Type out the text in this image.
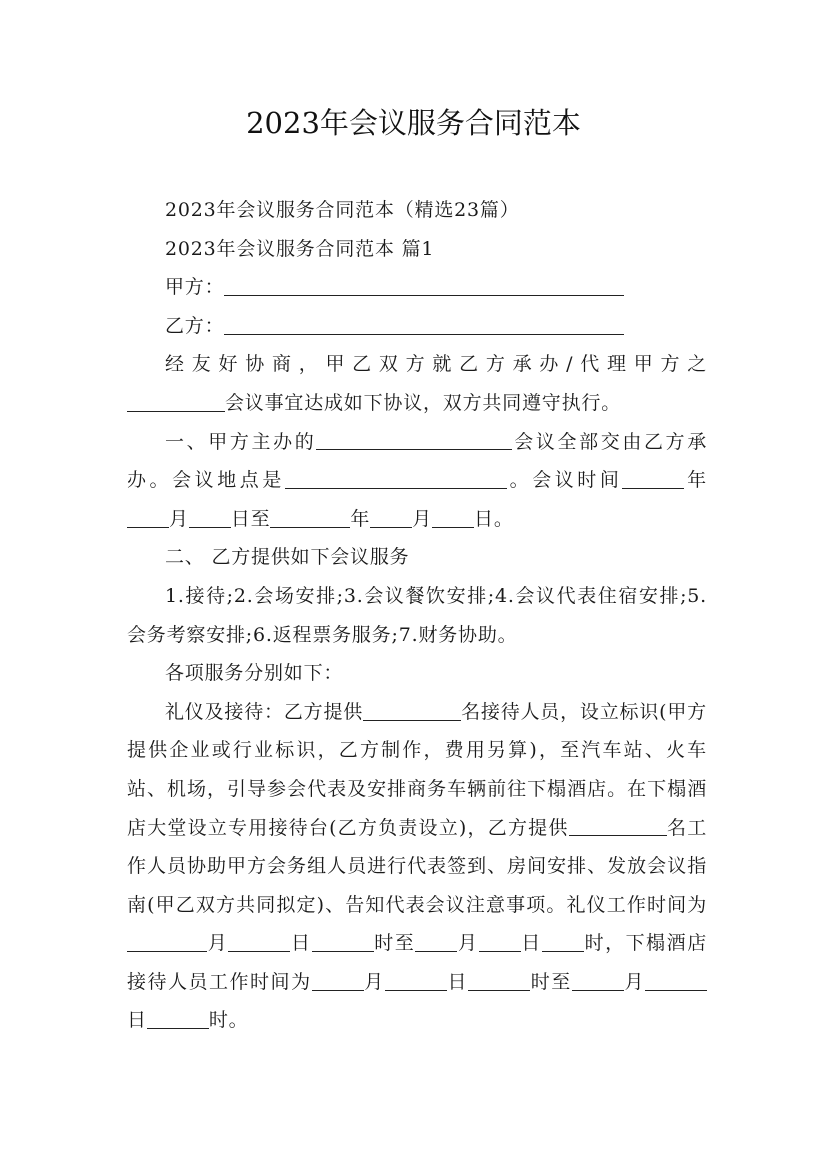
2023年会议服务合同范本

2023年会议服务合同范本（精选23篇）

2023年会议服务合同范本 篇1

甲方：

乙方：

经友好协商，甲乙双方就乙方承办/代理甲方之

会议事宜达成如下协议，双方共同遵守执行。

一、甲方主办的	会议全部交由乙方承办。会议地点是	。会议时间	年月 日至	年 月 日。

二、 乙方提供如下会议服务

1.接待;2.会场安排;3.会议餐饮安排;4.会议代表住宿安排;5.会务考察安排;6.返程票务服务;7.财务协助。

各项服务分别如下：

礼仪及接待：乙方提供	名接待人员，设立标识(甲方提供企业或行业标识，乙方制作，费用另算)，至汽车站、火车站、机场，引导参会代表及安排商务车辆前往下榻酒店。在下榻酒店大堂设立专用接待台(乙方负责设立)，乙方提供	名工作人员协助甲方会务组人员进行代表签到、房间安排、发放会议指南(甲乙双方共同拟定)、告知代表会议注意事项。礼仪工作时间为月	日	时至 月 日 时，下榻酒店接待人员工作时间为	月	日	时至	月日	时。
